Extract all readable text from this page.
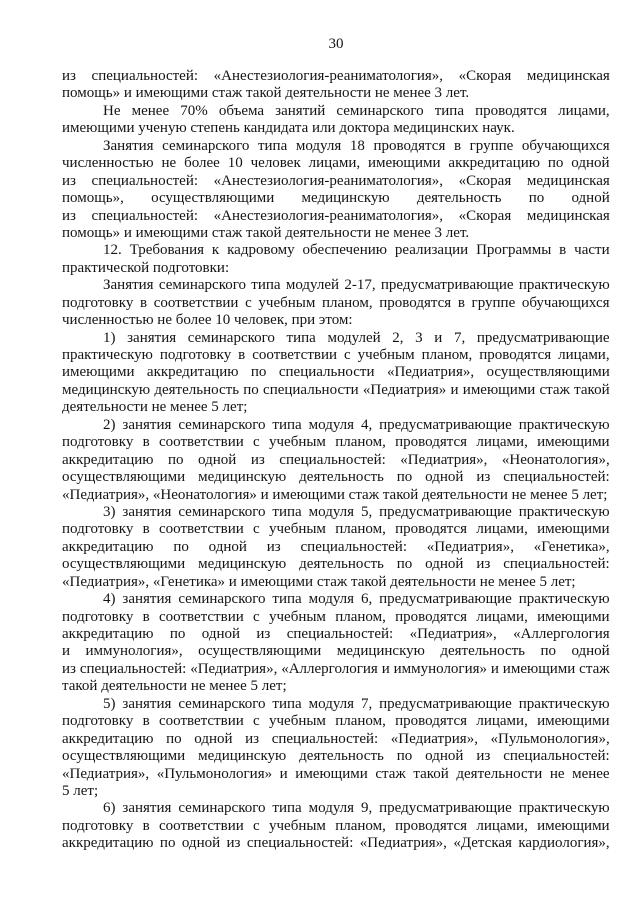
30
из специальностей: «Анестезиология-реаниматология», «Скорая медицинская
помощь» и имеющими стаж такой деятельности не менее 3 лет.
Не менее 70% объема занятий семинарского типа проводятся лицами,
имеющими ученую степень кандидата или доктора медицинских наук.
Занятия семинарского типа модуля 18 проводятся в группе обучающихся
численностью не более 10 человек лицами, имеющими аккредитацию по одной
из специальностей: «Анестезиология-реаниматология», «Скорая медицинская
помощь», осуществляющими медицинскую деятельность по одной
из специальностей: «Анестезиология-реаниматология», «Скорая медицинская
помощь» и имеющими стаж такой деятельности не менее 3 лет.
12. Требования к кадровому обеспечению реализации Программы в части
практической подготовки:
Занятия семинарского типа модулей 2-17, предусматривающие практическую
подготовку в соответствии с учебным планом, проводятся в группе обучающихся
численностью не более 10 человек, при этом:
1) занятия семинарского типа модулей 2, 3 и 7, предусматривающие
практическую подготовку в соответствии с учебным планом, проводятся лицами,
имеющими аккредитацию по специальности «Педиатрия», осуществляющими
медицинскую деятельность по специальности «Педиатрия» и имеющими стаж такой
деятельности не менее 5 лет;
2) занятия семинарского типа модуля 4, предусматривающие практическую
подготовку в соответствии с учебным планом, проводятся лицами, имеющими
аккредитацию по одной из специальностей: «Педиатрия», «Неонатология»,
осуществляющими медицинскую деятельность по одной из специальностей:
«Педиатрия», «Неонатология» и имеющими стаж такой деятельности не менее 5 лет;
3) занятия семинарского типа модуля 5, предусматривающие практическую
подготовку в соответствии с учебным планом, проводятся лицами, имеющими
аккредитацию по одной из специальностей: «Педиатрия», «Генетика»,
осуществляющими медицинскую деятельность по одной из специальностей:
«Педиатрия», «Генетика» и имеющими стаж такой деятельности не менее 5 лет;
4) занятия семинарского типа модуля 6, предусматривающие практическую
подготовку в соответствии с учебным планом, проводятся лицами, имеющими
аккредитацию по одной из специальностей: «Педиатрия», «Аллергология
и иммунология», осуществляющими медицинскую деятельность по одной
из специальностей: «Педиатрия», «Аллергология и иммунология» и имеющими стаж
такой деятельности не менее 5 лет;
5) занятия семинарского типа модуля 7, предусматривающие практическую
подготовку в соответствии с учебным планом, проводятся лицами, имеющими
аккредитацию по одной из специальностей: «Педиатрия», «Пульмонология»,
осуществляющими медицинскую деятельность по одной из специальностей:
«Педиатрия», «Пульмонология» и имеющими стаж такой деятельности не менее
5 лет;
6) занятия семинарского типа модуля 9, предусматривающие практическую
подготовку в соответствии с учебным планом, проводятся лицами, имеющими
аккредитацию по одной из специальностей: «Педиатрия», «Детская кардиология»,
